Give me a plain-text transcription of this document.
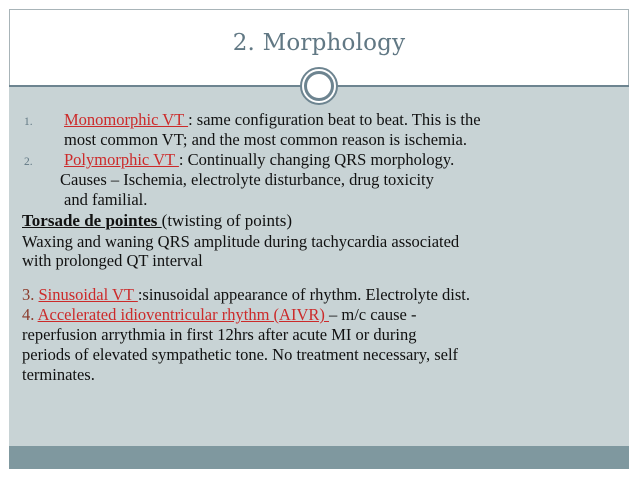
2. Morphology
1. Monomorphic VT : same configuration beat to beat. This is the
most common VT; and the most common reason is ischemia.
2. Polymorphic VT : Continually changing QRS morphology.
Causes – Ischemia, electrolyte disturbance, drug toxicity
and familial.
Torsade de pointes (twisting of points)
Waxing and waning QRS amplitude during tachycardia associated
with prolonged QT interval
3. Sinusoidal VT :sinusoidal appearance of rhythm. Electrolyte dist.
4. Accelerated idioventricular rhythm (AIVR) – m/c cause -
reperfusion arrythmia in first 12hrs after acute MI or during
periods of elevated sympathetic tone. No treatment necessary, self
terminates.
